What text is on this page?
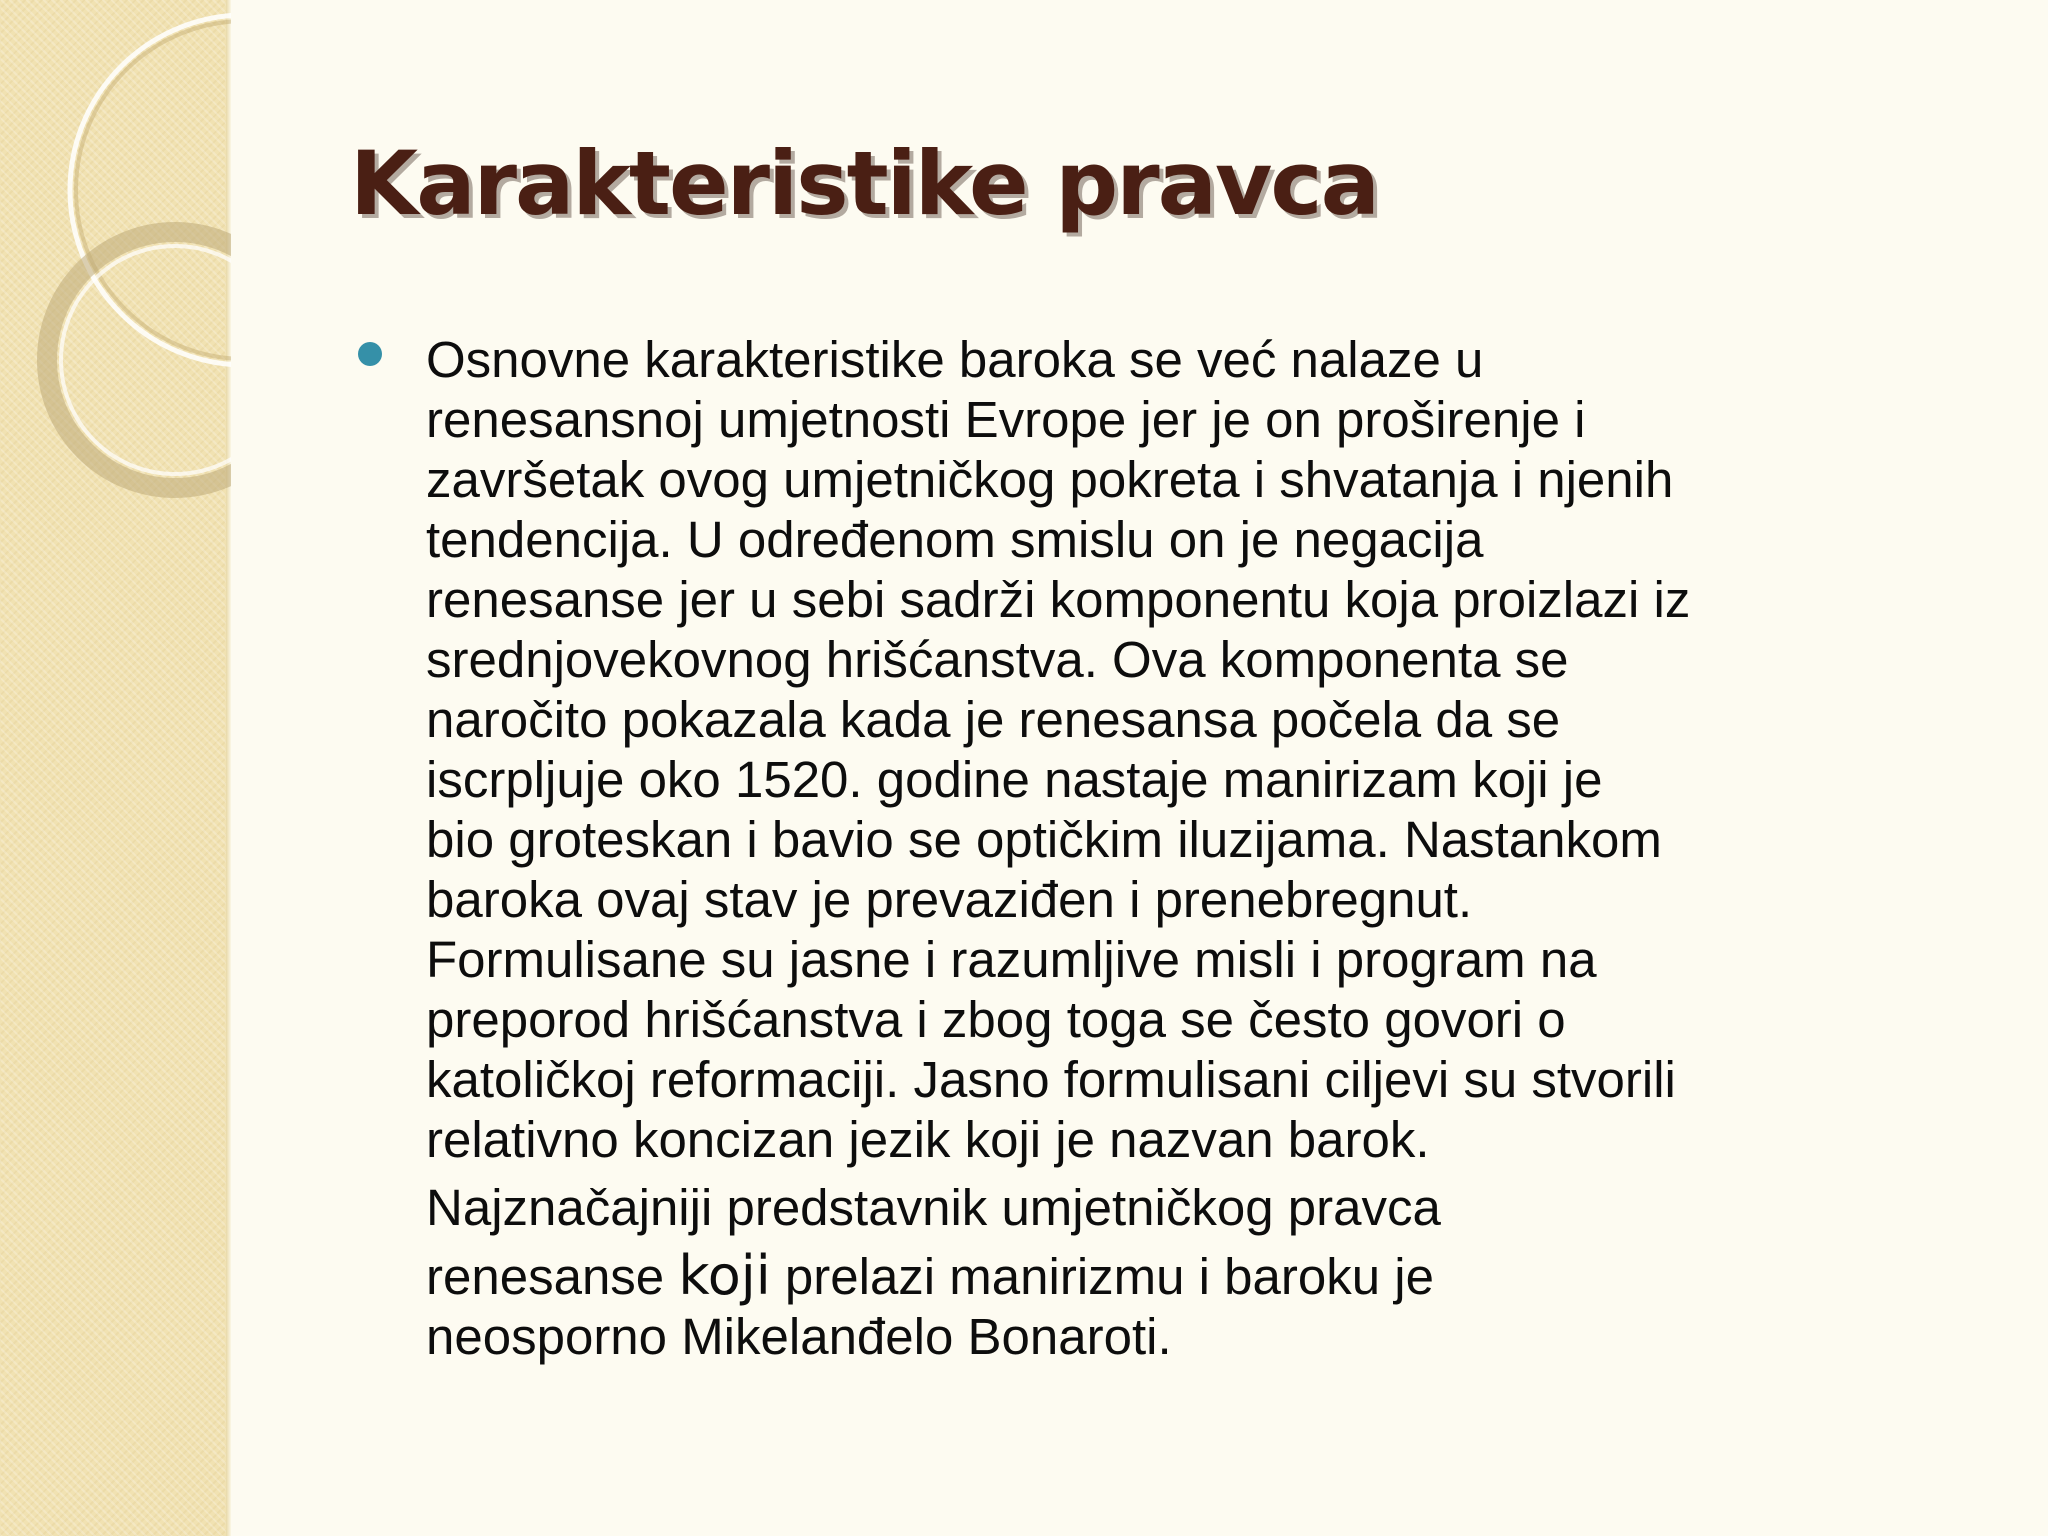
Karakteristike pravca
Osnovne karakteristike baroka se već nalaze u
renesansnoj umjetnosti Evrope jer je on proširenje i
završetak ovog umjetničkog pokreta i shvatanja i njenih
tendencija. U određenom smislu on je negacija
renesanse jer u sebi sadrži komponentu koja proizlazi iz
srednjovekovnog hrišćanstva. Ova komponenta se
naročito pokazala kada je renesansa počela da se
iscrpljuje oko 1520. godine nastaje manirizam koji je
bio groteskan i bavio se optičkim iluzijama. Nastankom
baroka ovaj stav je prevaziđen i prenebregnut.
Formulisane su jasne i razumljive misli i program na
preporod hrišćanstva i zbog toga se često govori o
katoličkoj reformaciji. Jasno formulisani ciljevi su stvorili
relativno koncizan jezik koji je nazvan barok.
Najznačajniji predstavnik umjetničkog pravca
renesanse koji prelazi manirizmu i baroku je
neosporno Mikelanđelo Bonaroti.
